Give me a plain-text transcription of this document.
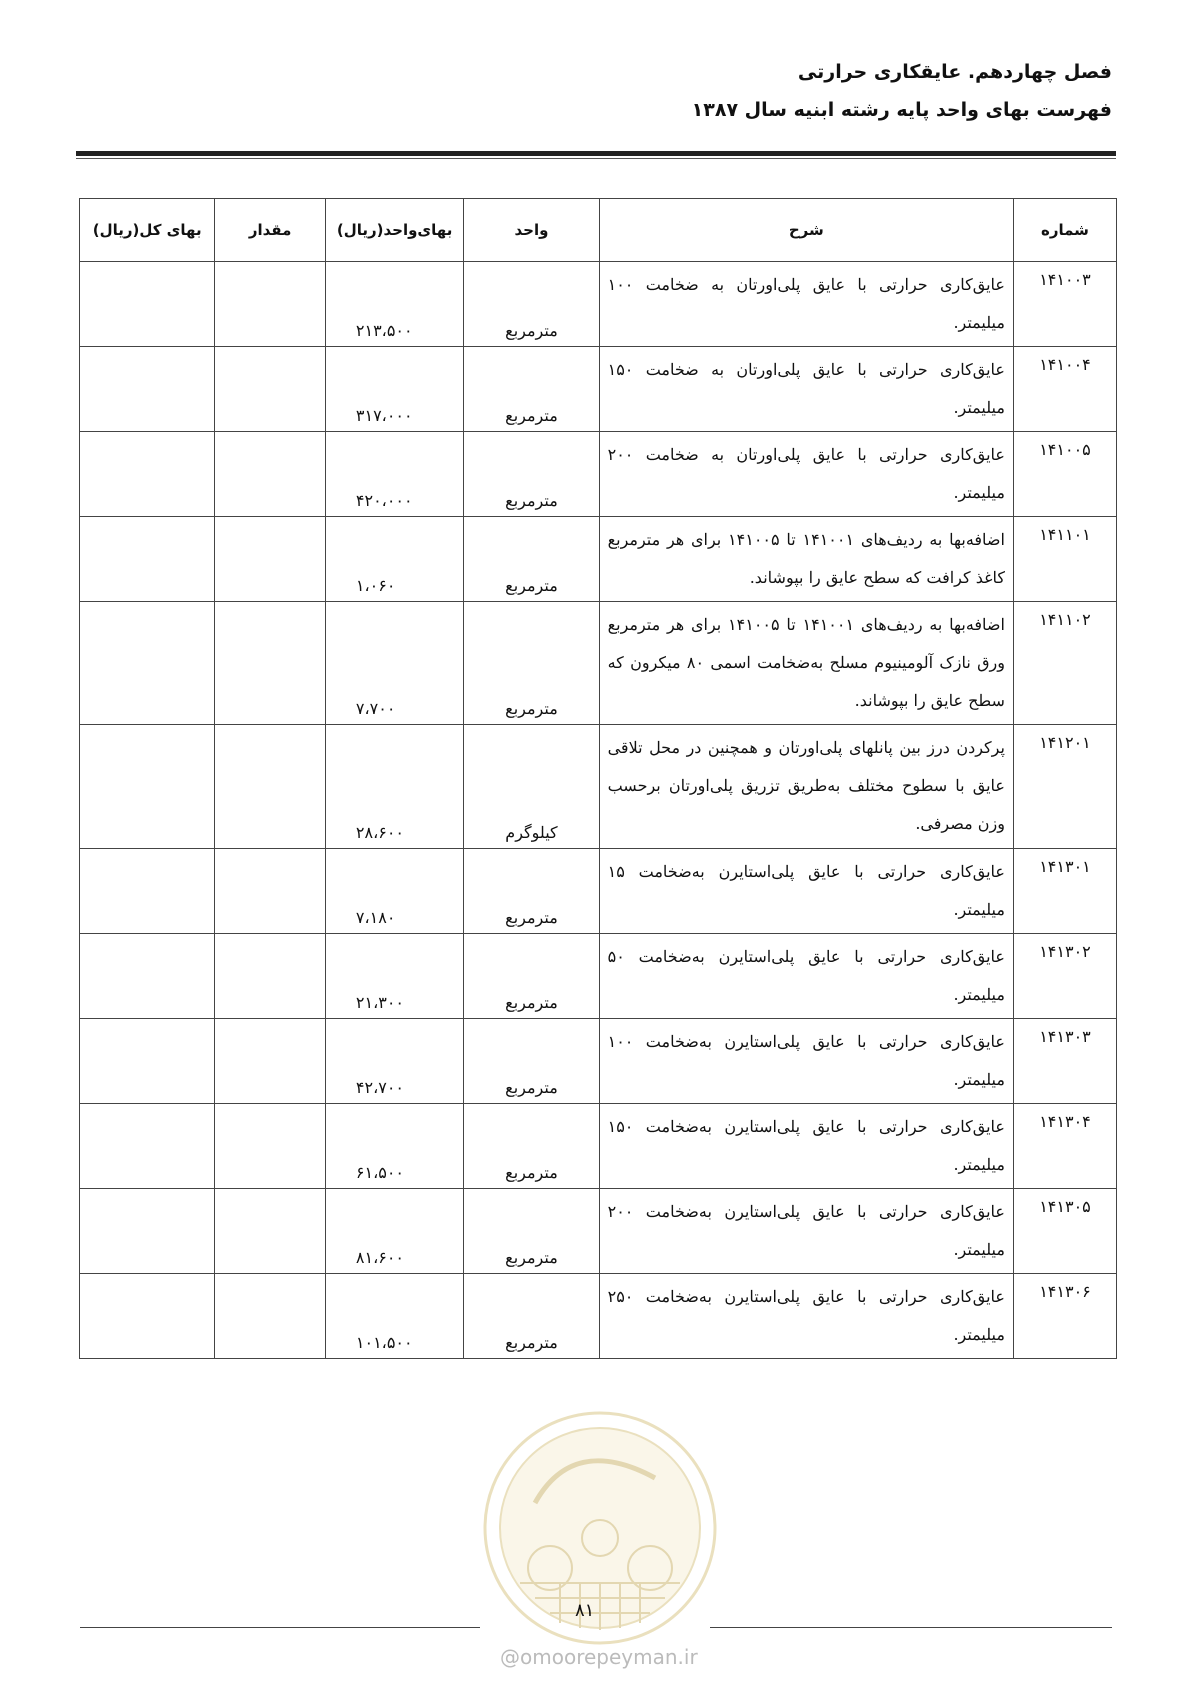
فصل چهاردهم. عایقکاری حرارتی
فهرست بهای واحد پایه رشته ابنیه سال ۱۳۸۷
شماره	شرح	واحد	بهای‌واحد(ریال)	مقدار	بهای کل(ریال)
۱۴۱۰۰۳	عایق‌کاری حرارتی با عایق پلی‌اورتان به ضخامت ۱۰۰ میلیمتر.	مترمربع	۲۱۳،۵۰۰		
۱۴۱۰۰۴	عایق‌کاری حرارتی با عایق پلی‌اورتان به ضخامت ۱۵۰ میلیمتر.	مترمربع	۳۱۷،۰۰۰		
۱۴۱۰۰۵	عایق‌کاری حرارتی با عایق پلی‌اورتان به ضخامت ۲۰۰ میلیمتر.	مترمربع	۴۲۰،۰۰۰		
۱۴۱۱۰۱	اضافه‌بها به ردیف‌های ۱۴۱۰۰۱ تا ۱۴۱۰۰۵ برای هر مترمربع کاغذ کرافت که سطح عایق را بپوشاند.	مترمربع	۱،۰۶۰		
۱۴۱۱۰۲	اضافه‌بها به ردیف‌های ۱۴۱۰۰۱ تا ۱۴۱۰۰۵ برای هر مترمربع ورق نازک آلومینیوم مسلح به‌ضخامت اسمی ۸۰ میکرون که سطح عایق را بپوشاند.	مترمربع	۷،۷۰۰		
۱۴۱۲۰۱	پرکردن درز بین پانلهای پلی‌اورتان و همچنین در محل تلاقی عایق با سطوح مختلف به‌طریق تزریق پلی‌اورتان برحسب وزن مصرفی.	کیلوگرم	۲۸،۶۰۰		
۱۴۱۳۰۱	عایق‌کاری حرارتی با عایق پلی‌استایرن به‌ضخامت ۱۵ میلیمتر.	مترمربع	۷،۱۸۰		
۱۴۱۳۰۲	عایق‌کاری حرارتی با عایق پلی‌استایرن به‌ضخامت ۵۰ میلیمتر.	مترمربع	۲۱،۳۰۰		
۱۴۱۳۰۳	عایق‌کاری حرارتی با عایق پلی‌استایرن به‌ضخامت ۱۰۰ میلیمتر.	مترمربع	۴۲،۷۰۰		
۱۴۱۳۰۴	عایق‌کاری حرارتی با عایق پلی‌استایرن به‌ضخامت ۱۵۰ میلیمتر.	مترمربع	۶۱،۵۰۰		
۱۴۱۳۰۵	عایق‌کاری حرارتی با عایق پلی‌استایرن به‌ضخامت ۲۰۰ میلیمتر.	مترمربع	۸۱،۶۰۰		
۱۴۱۳۰۶	عایق‌کاری حرارتی با عایق پلی‌استایرن به‌ضخامت ۲۵۰ میلیمتر.	مترمربع	۱۰۱،۵۰۰		
۸۱
@omoorepeyman.ir
